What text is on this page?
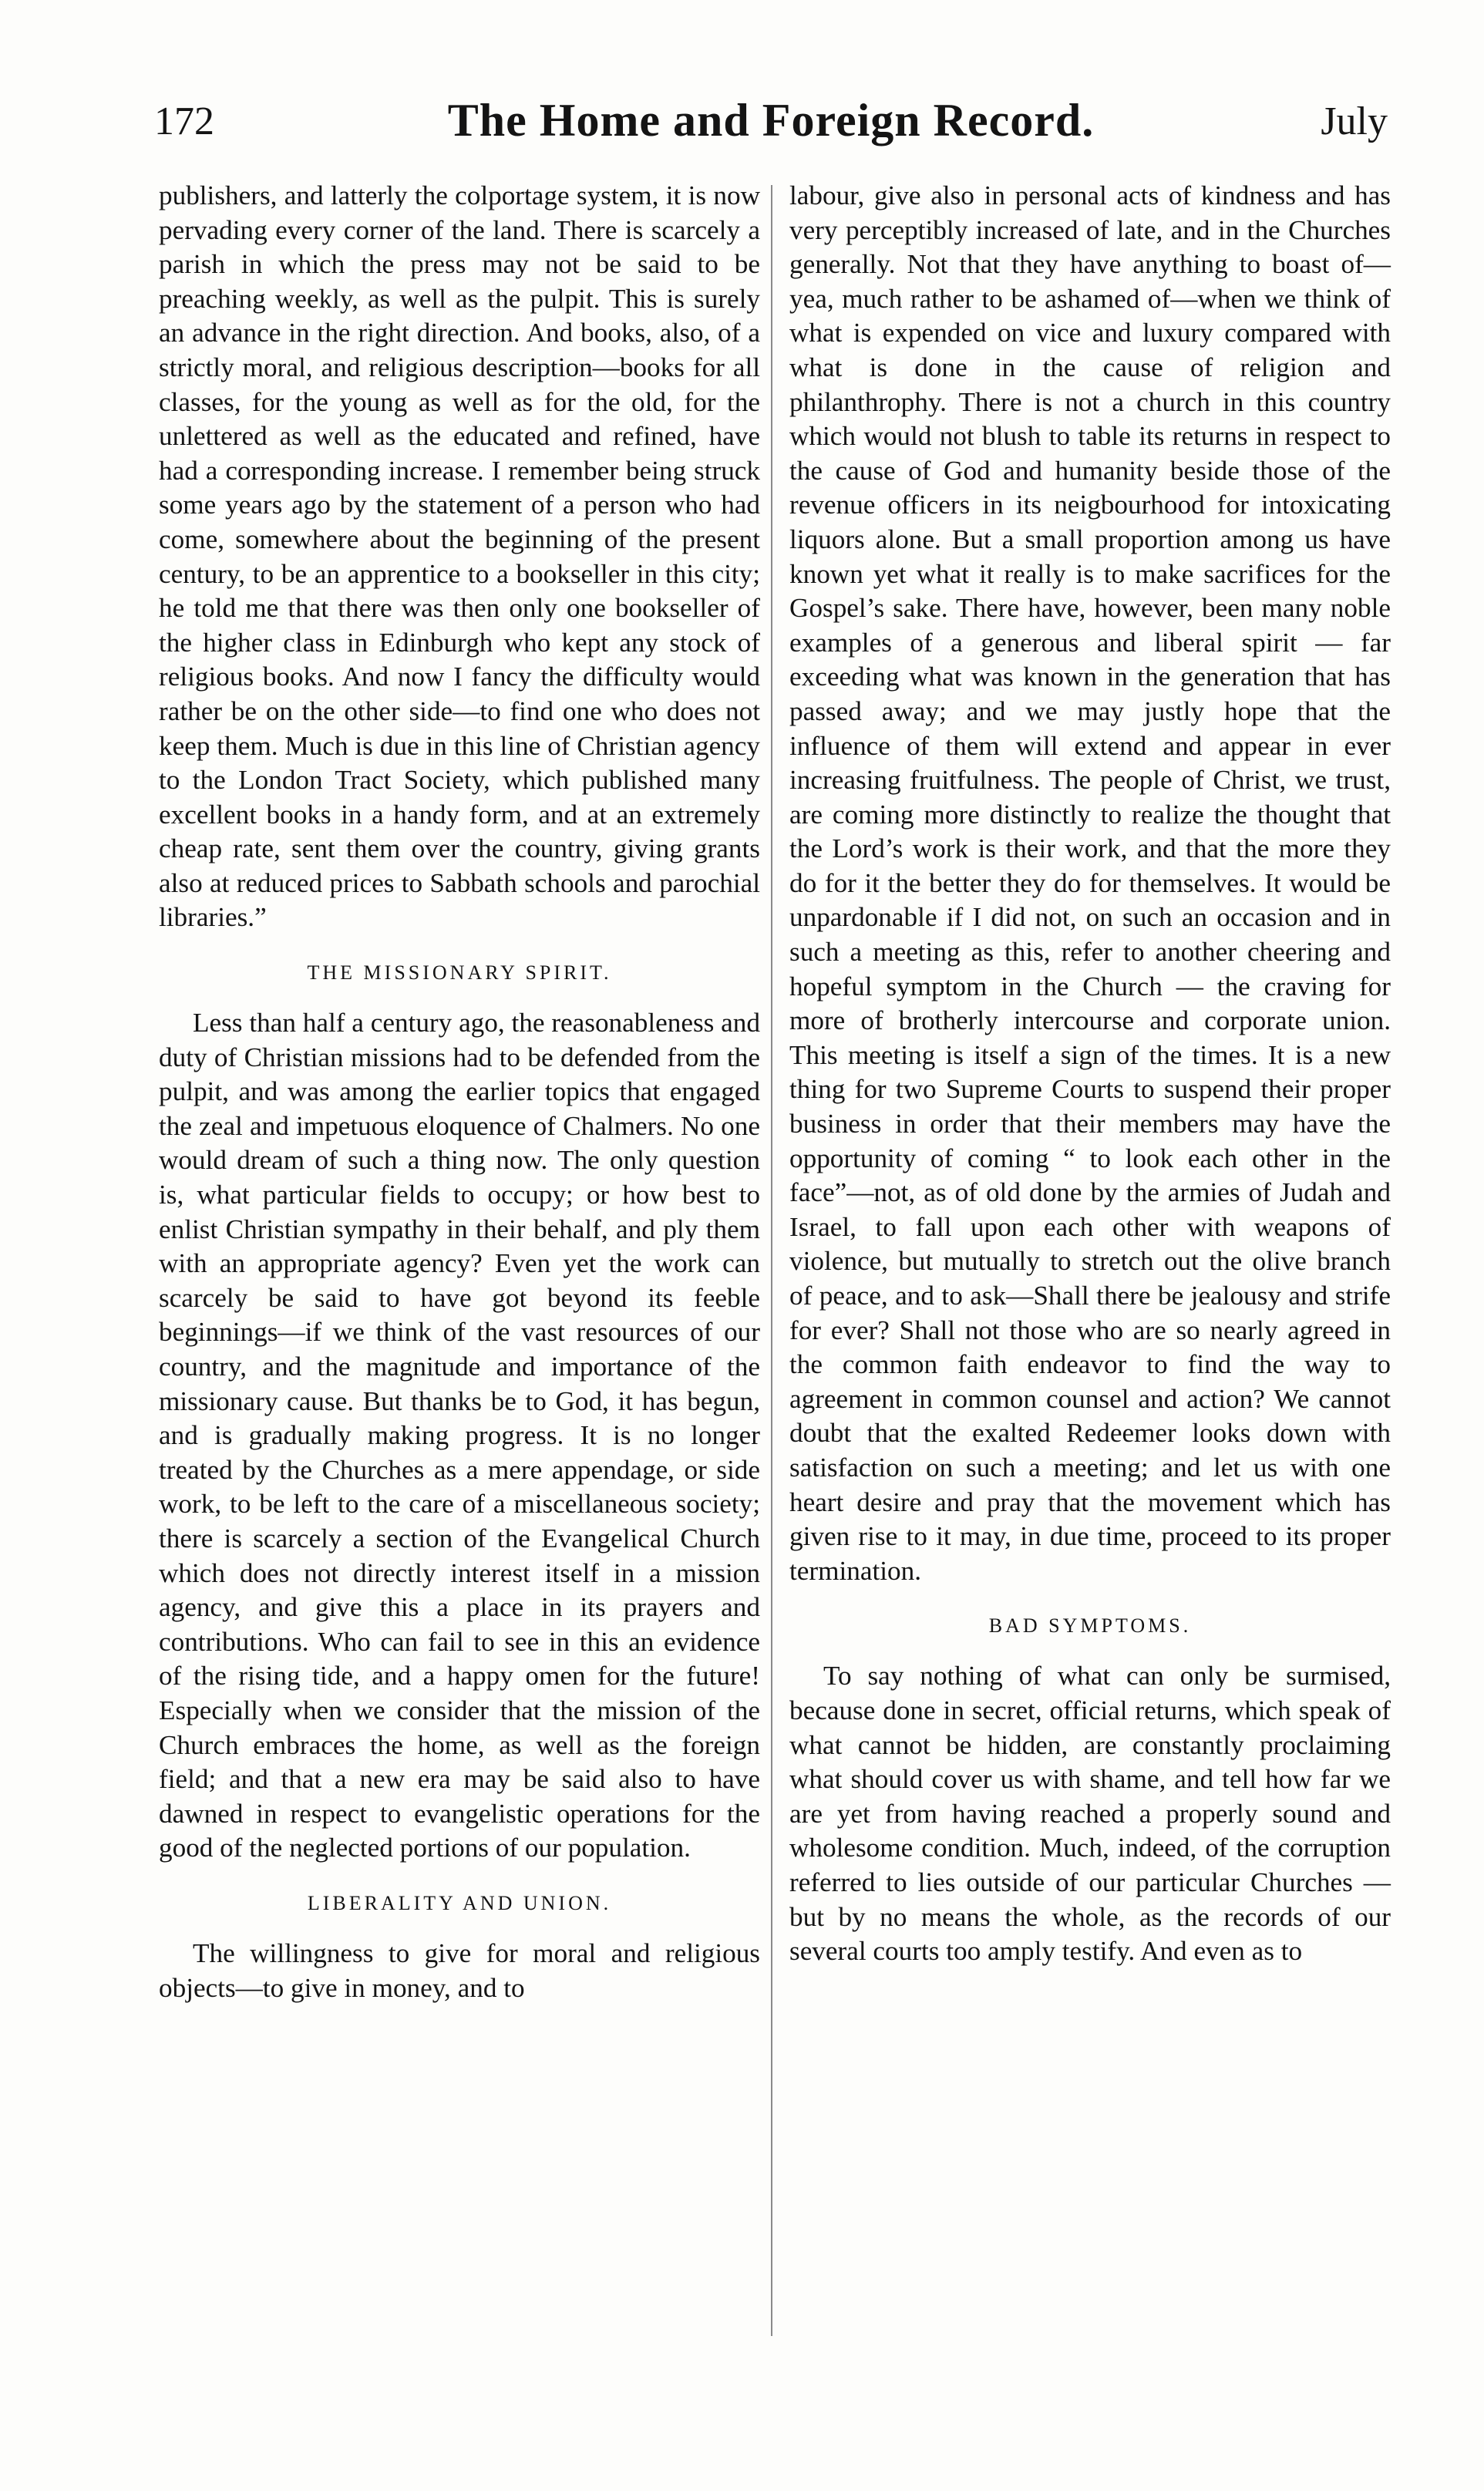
172	The Home and Foreign Record.	July

publishers, and latterly the colportage system, it is now pervading every corner of the land. There is scarcely a parish in which the press may not be said to be preaching weekly, as well as the pulpit. This is surely an advance in the right direction. And books, also, of a strictly moral, and religious description—books for all classes, for the young as well as for the old, for the unlettered as well as the educated and refined, have had a corresponding increase. I remember being struck some years ago by the statement of a person who had come, somewhere about the beginning of the present century, to be an apprentice to a bookseller in this city; he told me that there was then only one bookseller of the higher class in Edinburgh who kept any stock of religious books. And now I fancy the difficulty would rather be on the other side—to find one who does not keep them. Much is due in this line of Christian agency to the London Tract Society, which published many excellent books in a handy form, and at an extremely cheap rate, sent them over the country, giving grants also at reduced prices to Sabbath schools and parochial libraries.”

THE MISSIONARY SPIRIT.

Less than half a century ago, the reasonableness and duty of Christian missions had to be defended from the pulpit, and was among the earlier topics that engaged the zeal and impetuous eloquence of Chalmers. No one would dream of such a thing now. The only question is, what particular fields to occupy; or how best to enlist Christian sympathy in their behalf, and ply them with an appropriate agency? Even yet the work can scarcely be said to have got beyond its feeble beginnings—if we think of the vast resources of our country, and the magnitude and importance of the missionary cause. But thanks be to God, it has begun, and is gradually making progress. It is no longer treated by the Churches as a mere appendage, or side work, to be left to the care of a miscellaneous society; there is scarcely a section of the Evangelical Church which does not directly interest itself in a mission agency, and give this a place in its prayers and contributions. Who can fail to see in this an evidence of the rising tide, and a happy omen for the future! Especially when we consider that the mission of the Church embraces the home, as well as the foreign field; and that a new era may be said also to have dawned in respect to evangelistic operations for the good of the neglected portions of our population.

LIBERALITY AND UNION.

The willingness to give for moral and religious objects—to give in money, and to

labour, give also in personal acts of kindness and has very perceptibly increased of late, and in the Churches generally. Not that they have anything to boast of—yea, much rather to be ashamed of—when we think of what is expended on vice and luxury compared with what is done in the cause of religion and philanthrophy. There is not a church in this country which would not blush to table its returns in respect to the cause of God and humanity beside those of the revenue officers in its neigbourhood for intoxicating liquors alone. But a small proportion among us have known yet what it really is to make sacrifices for the Gospel’s sake. There have, however, been many noble examples of a generous and liberal spirit — far exceeding what was known in the generation that has passed away; and we may justly hope that the influence of them will extend and appear in ever increasing fruitfulness. The people of Christ, we trust, are coming more distinctly to realize the thought that the Lord’s work is their work, and that the more they do for it the better they do for themselves. It would be unpardonable if I did not, on such an occasion and in such a meeting as this, refer to another cheering and hopeful symptom in the Church — the craving for more of brotherly intercourse and corporate union. This meeting is itself a sign of the times. It is a new thing for two Supreme Courts to suspend their proper business in order that their members may have the opportunity of coming “ to look each other in the face”—not, as of old done by the armies of Judah and Israel, to fall upon each other with weapons of violence, but mutually to stretch out the olive branch of peace, and to ask—Shall there be jealousy and strife for ever? Shall not those who are so nearly agreed in the common faith endeavor to find the way to agreement in common counsel and action? We cannot doubt that the exalted Redeemer looks down with satisfaction on such a meeting; and let us with one heart desire and pray that the movement which has given rise to it may, in due time, proceed to its proper termination.

BAD SYMPTOMS.

To say nothing of what can only be surmised, because done in secret, official returns, which speak of what cannot be hidden, are constantly proclaiming what should cover us with shame, and tell how far we are yet from having reached a properly sound and wholesome condition. Much, indeed, of the corruption referred to lies outside of our particular Churches — but by no means the whole, as the records of our several courts too amply testify. And even as to
